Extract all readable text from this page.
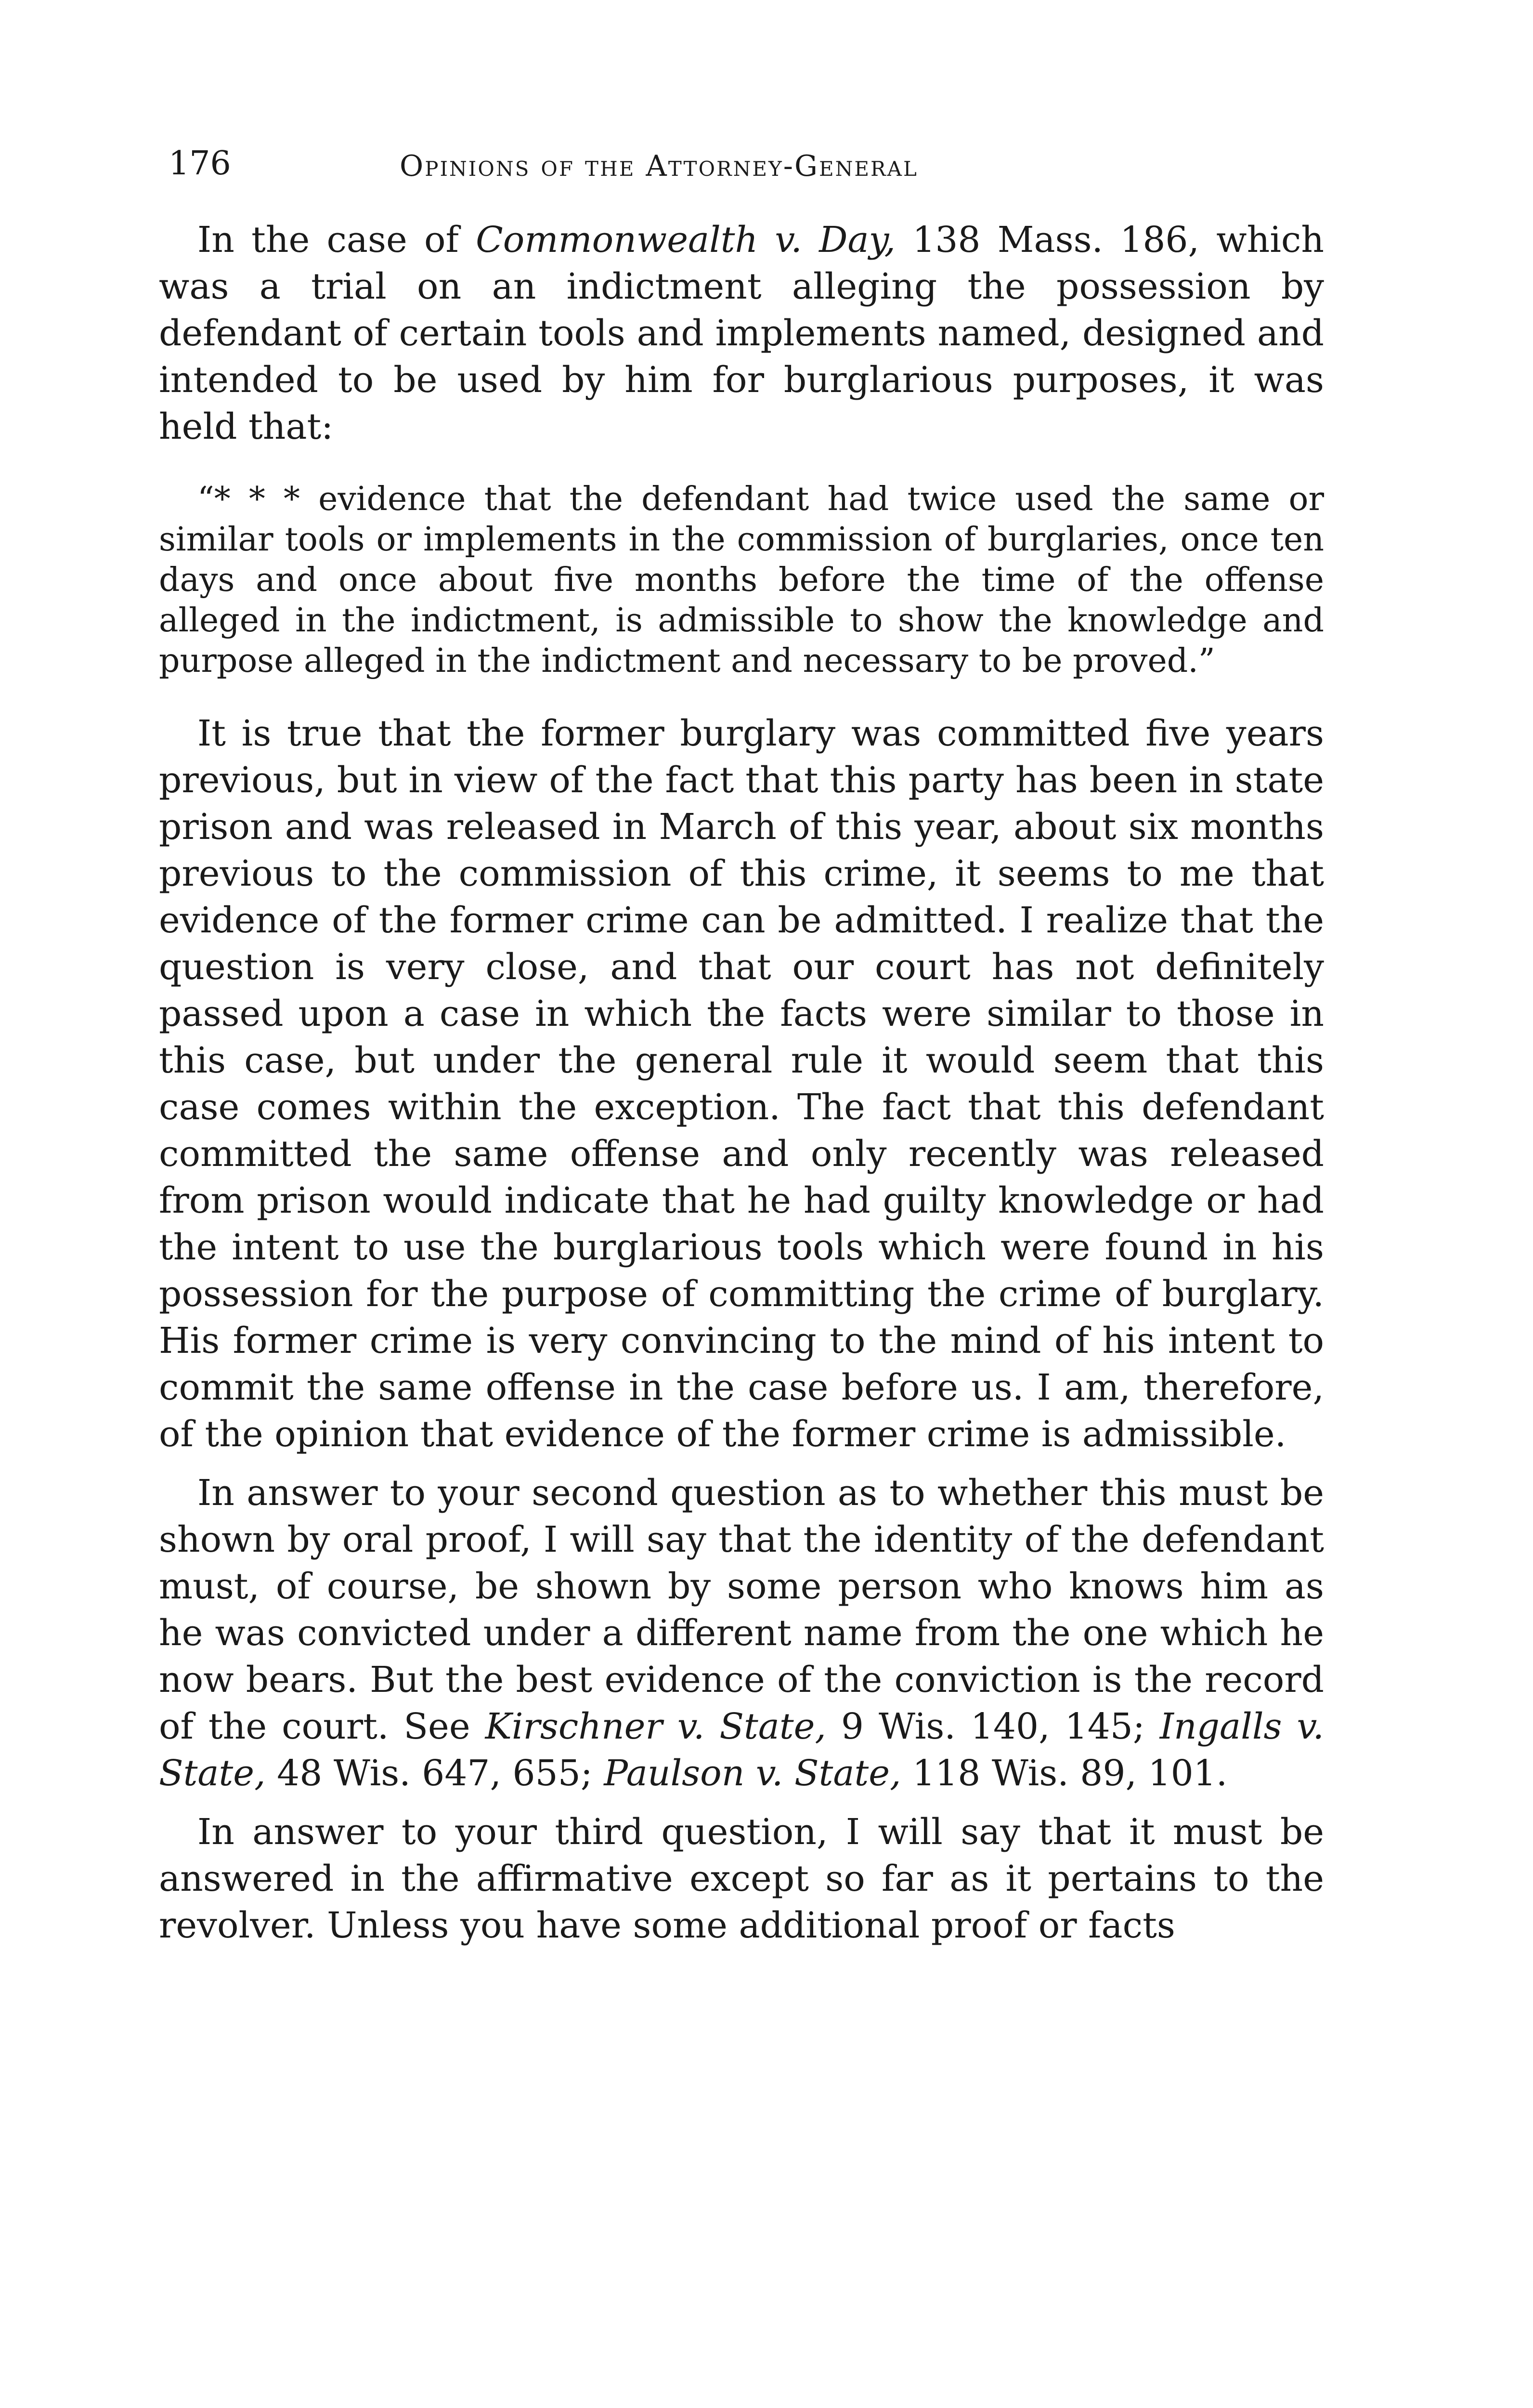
176	Opinions of the Attorney-General

In the case of Commonwealth v. Day, 138 Mass. 186, which was a trial on an indictment alleging the possession by defendant of certain tools and implements named, designed and intended to be used by him for burglarious purposes, it was held that:

“* * * evidence that the defendant had twice used the same or similar tools or implements in the commission of burglaries, once ten days and once about five months before the time of the offense alleged in the indictment, is admissible to show the knowledge and purpose alleged in the indictment and necessary to be proved.”

It is true that the former burglary was committed five years previous, but in view of the fact that this party has been in state prison and was released in March of this year, about six months previous to the commission of this crime, it seems to me that evidence of the former crime can be admitted. I realize that the question is very close, and that our court has not definitely passed upon a case in which the facts were similar to those in this case, but under the general rule it would seem that this case comes within the exception. The fact that this defendant committed the same offense and only recently was released from prison would indicate that he had guilty knowledge or had the intent to use the burglarious tools which were found in his possession for the purpose of committing the crime of burglary. His former crime is very convincing to the mind of his intent to commit the same offense in the case before us. I am, therefore, of the opinion that evidence of the former crime is admissible.

In answer to your second question as to whether this must be shown by oral proof, I will say that the identity of the defendant must, of course, be shown by some person who knows him as he was convicted under a different name from the one which he now bears. But the best evidence of the conviction is the record of the court. See Kirschner v. State, 9 Wis. 140, 145; Ingalls v. State, 48 Wis. 647, 655; Paulson v. State, 118 Wis. 89, 101.

In answer to your third question, I will say that it must be answered in the affirmative except so far as it pertains to the revolver. Unless you have some additional proof or facts
